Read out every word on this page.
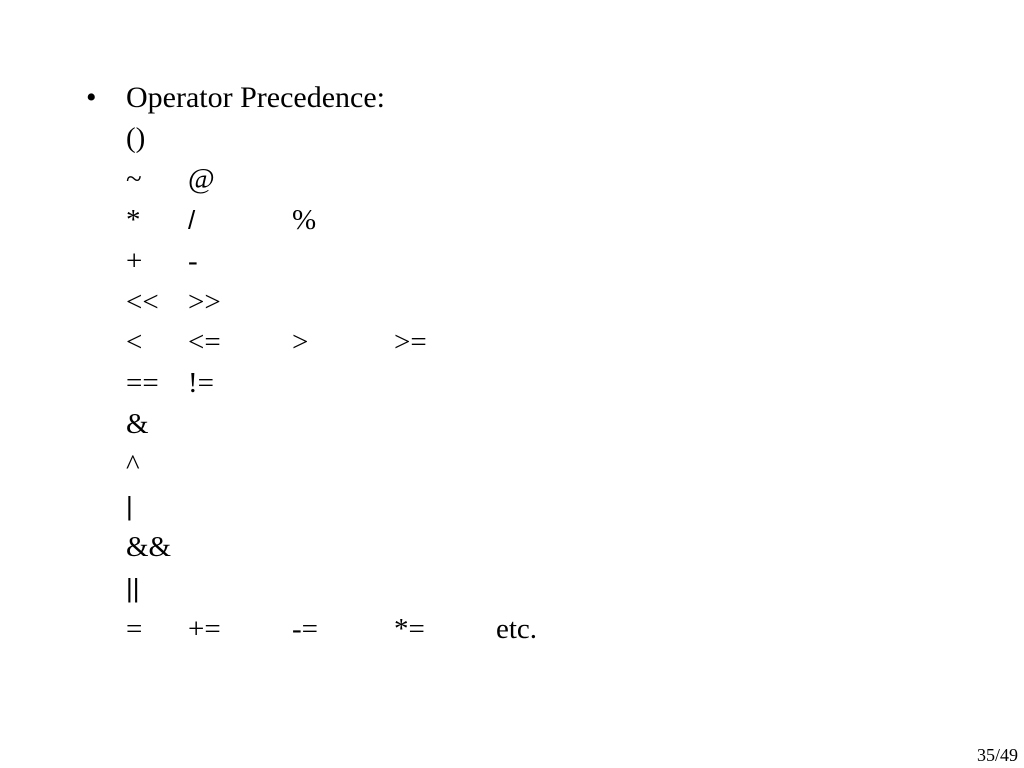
• Operator Precedence:
()
~ @
* /	%
+ -
<< >>
< <= >	>=
== !=
&
^
|
&&
||
= += -=	*= etc.
35/49
